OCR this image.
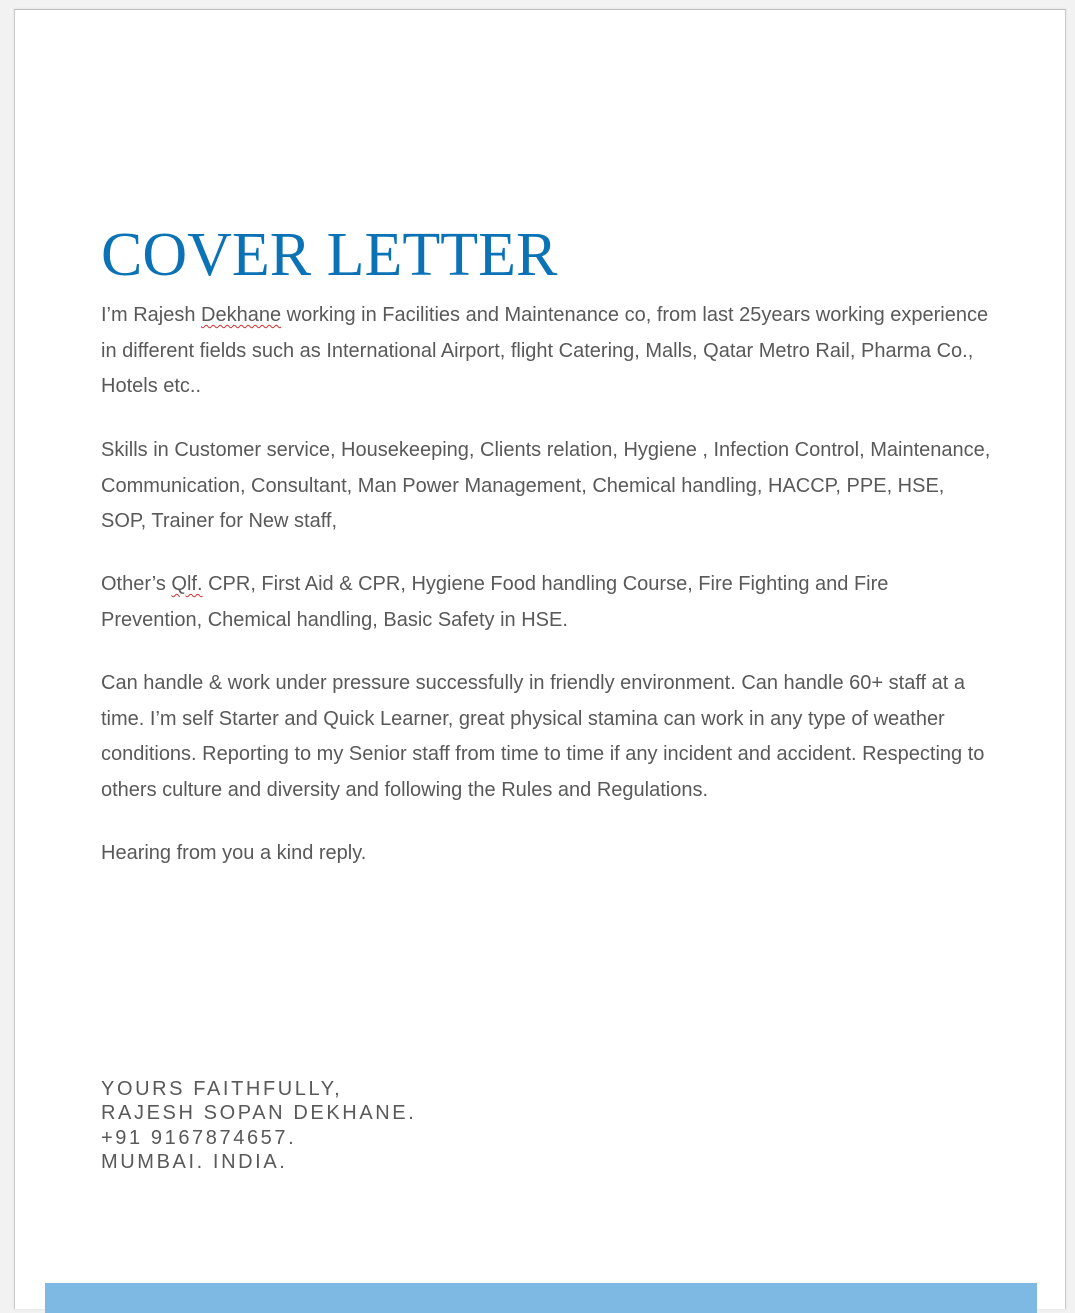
COVER LETTER

I’m Rajesh Dekhane working in Facilities and Maintenance co, from last 25years working experience in different fields such as International Airport, flight Catering, Malls, Qatar Metro Rail, Pharma Co., Hotels etc..

Skills in Customer service, Housekeeping, Clients relation, Hygiene , Infection Control, Maintenance, Communication, Consultant, Man Power Management, Chemical handling, HACCP, PPE, HSE, SOP, Trainer for New staff,

Other’s Qlf. CPR, First Aid & CPR, Hygiene Food handling Course, Fire Fighting and Fire Prevention, Chemical handling, Basic Safety in HSE.

Can handle & work under pressure successfully in friendly environment. Can handle 60+ staff at a time. I’m self Starter and Quick Learner, great physical stamina can work in any type of weather conditions. Reporting to my Senior staff from time to time if any incident and accident. Respecting to others culture and diversity and following the Rules and Regulations.

Hearing from you a kind reply.

YOURS FAITHFULLY,
RAJESH SOPAN DEKHANE.
+91 9167874657.
MUMBAI. INDIA.
